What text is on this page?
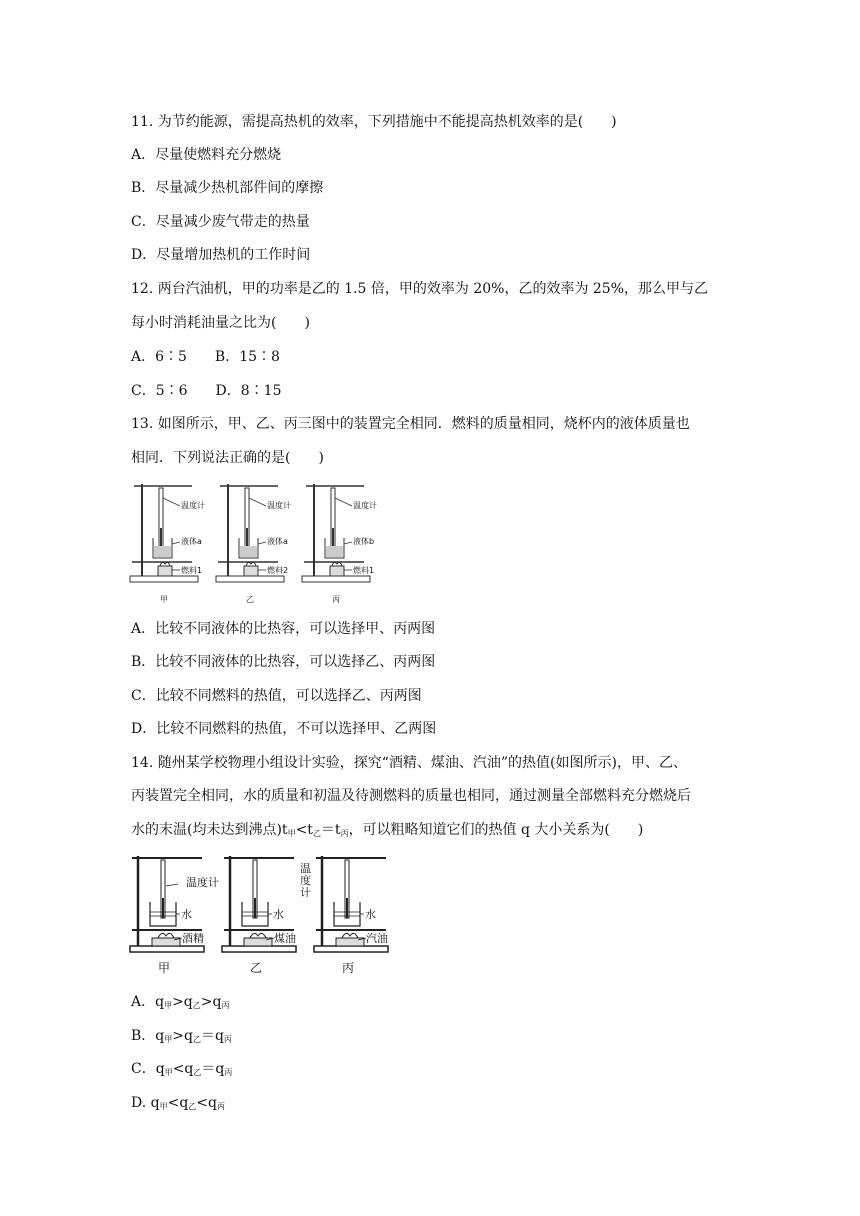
11. 为节约能源，需提高热机的效率，下列措施中不能提高热机效率的是(　　)
A．尽量使燃料充分燃烧
B．尽量减少热机部件间的摩擦
C．尽量减少废气带走的热量
D．尽量增加热机的工作时间
12. 两台汽油机，甲的功率是乙的 1.5 倍，甲的效率为 20%，乙的效率为 25%，那么甲与乙
每小时消耗油量之比为(　　)
A．6∶5　　B．15∶8
C．5∶6　　D．8∶15
13. 如图所示，甲、乙、丙三图中的装置完全相同．燃料的质量相同，烧杯内的液体质量也
相同．下列说法正确的是(　　)
温度计
液体a
燃料1
甲
温度计
液体a
燃料2
乙
温度计
液体b
燃料1
丙
A．比较不同液体的比热容，可以选择甲、丙两图
B．比较不同液体的比热容，可以选择乙、丙两图
C．比较不同燃料的热值，可以选择乙、丙两图
D．比较不同燃料的热值，不可以选择甲、乙两图
14. 随州某学校物理小组设计实验，探究“酒精、煤油、汽油”的热值(如图所示)，甲、乙、
丙装置完全相同，水的质量和初温及待测燃料的质量也相同，通过测量全部燃料充分燃烧后
水的末温(均未达到沸点)$t_甲<t_乙=t_丙$，可以粗略知道它们的热值 q 大小关系为(　　)
温度计
水
酒精
甲
水
煤油
乙
温
度
计
水
汽油
丙
A．$q_甲>q_乙>q_丙$
B．$q_甲>q_乙=q_丙$
C．$q_甲<q_乙=q_丙$
D. $q_甲<q_乙<q_丙$
